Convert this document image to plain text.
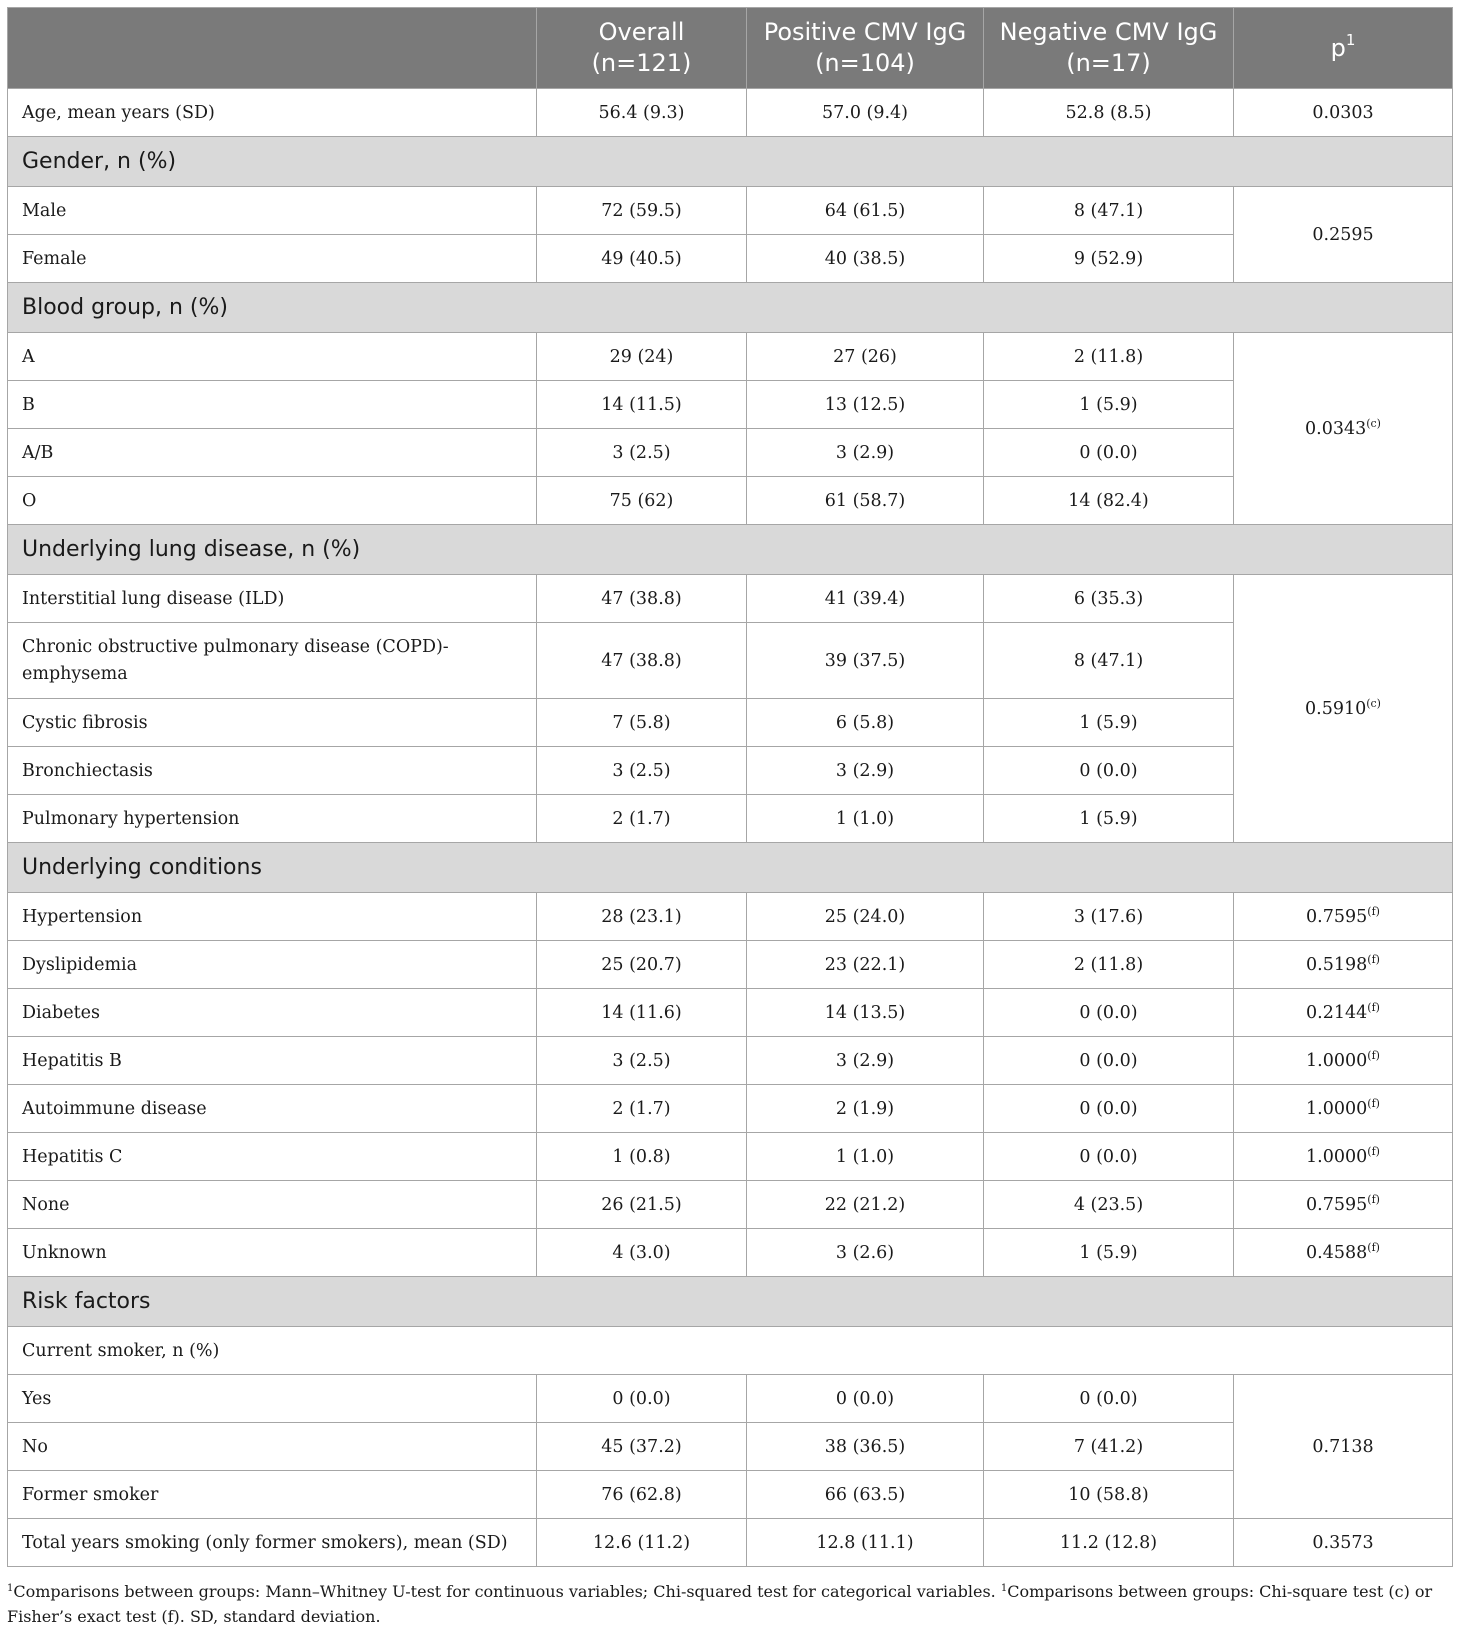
	Overall (n=121)	Positive CMV IgG (n=104)	Negative CMV IgG (n=17)	$p^1$
Age, mean years (SD)	56.4 (9.3)	57.0 (9.4)	52.8 (8.5)	0.0303
Gender, n (%)				
Male	72 (59.5)	64 (61.5)	8 (47.1)	0.2595
Female	49 (40.5)	40 (38.5)	9 (52.9)	
Blood group, n (%)				
A	29 (24)	27 (26)	2 (11.8)	0.0343$^{(c)}$
B	14 (11.5)	13 (12.5)	1 (5.9)	
A/B	3 (2.5)	3 (2.9)	0 (0.0)	
O	75 (62)	61 (58.7)	14 (82.4)	
Underlying lung disease, n (%)				
Interstitial lung disease (ILD)	47 (38.8)	41 (39.4)	6 (35.3)	0.5910$^{(c)}$
Chronic obstructive pulmonary disease (COPD)-emphysema	47 (38.8)	39 (37.5)	8 (47.1)	
Cystic fibrosis	7 (5.8)	6 (5.8)	1 (5.9)	
Bronchiectasis	3 (2.5)	3 (2.9)	0 (0.0)	
Pulmonary hypertension	2 (1.7)	1 (1.0)	1 (5.9)	
Underlying conditions				
Hypertension	28 (23.1)	25 (24.0)	3 (17.6)	0.7595$^{(f)}$
Dyslipidemia	25 (20.7)	23 (22.1)	2 (11.8)	0.5198$^{(f)}$
Diabetes	14 (11.6)	14 (13.5)	0 (0.0)	0.2144$^{(f)}$
Hepatitis B	3 (2.5)	3 (2.9)	0 (0.0)	1.0000$^{(f)}$
Autoimmune disease	2 (1.7)	2 (1.9)	0 (0.0)	1.0000$^{(f)}$
Hepatitis C	1 (0.8)	1 (1.0)	0 (0.0)	1.0000$^{(f)}$
None	26 (21.5)	22 (21.2)	4 (23.5)	0.7595$^{(f)}$
Unknown	4 (3.0)	3 (2.6)	1 (5.9)	0.4588$^{(f)}$
Risk factors				
Current smoker, n (%)				
Yes	0 (0.0)	0 (0.0)	0 (0.0)	0.7138
No	45 (37.2)	38 (36.5)	7 (41.2)	
Former smoker	76 (62.8)	66 (63.5)	10 (58.8)	
Total years smoking (only former smokers), mean (SD)	12.6 (11.2)	12.8 (11.1)	11.2 (12.8)	0.3573
$^1$Comparisons between groups: Mann–Whitney U-test for continuous variables; Chi-squared test for categorical variables. $^1$Comparisons between groups: Chi-square test (c) or Fisher’s exact test (f). SD, standard deviation.
